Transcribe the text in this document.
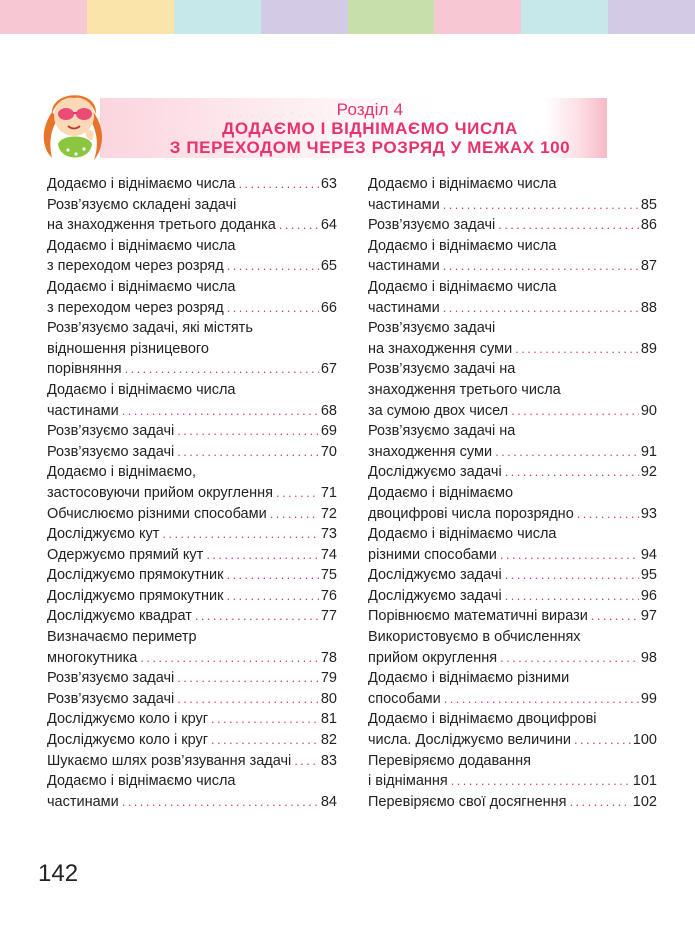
Розділ 4
ДОДАЄМО І ВІДНІМАЄМО ЧИСЛА
З ПЕРЕХОДОМ ЧЕРЕЗ РОЗРЯД У МЕЖАХ 100
Додаємо і віднімаємо числа .....	63
Розв’язуємо складені задачі
на знаходження третього доданка .....	64
Додаємо і віднімаємо числа
з переходом через розряд .....	65
Додаємо і віднімаємо числа
з переходом через розряд .....	66
Розв’язуємо задачі, які містять
відношення різницевого
порівняння .....	67
Додаємо і віднімаємо числа
частинами .....	68
Розв’язуємо задачі .....	69
Розв’язуємо задачі .....	70
Додаємо і віднімаємо,
застосовуючи прийом округлення .....	71
Обчислюємо різними способами .....	72
Досліджуємо кут .....	73
Одержуємо прямий кут .....	74
Досліджуємо прямокутник .....	75
Досліджуємо прямокутник .....	76
Досліджуємо квадрат .....	77
Визначаємо периметр
многокутника .....	78
Розв’язуємо задачі .....	79
Розв’язуємо задачі .....	80
Досліджуємо коло і круг .....	81
Досліджуємо коло і круг .....	82
Шукаємо шлях розв’язування задачі ..... 83
Додаємо і віднімаємо числа
частинами .....	84
Додаємо і віднімаємо числа
частинами .....	85
Розв’язуємо задачі .....	86
Додаємо і віднімаємо числа
частинами .....	87
Додаємо і віднімаємо числа
частинами .....	88
Розв’язуємо задачі
на знаходження суми .....	89
Розв’язуємо задачі на
знаходження третього числа
за сумою двох чисел .....	90
Розв’язуємо задачі на
знаходження суми .....	91
Досліджуємо задачі .....	92
Додаємо і віднімаємо
двоцифрові числа порозрядно .....	93
Додаємо і віднімаємо числа
різними способами .....	94
Досліджуємо задачі .....	95
Досліджуємо задачі .....	96
Порівнюємо математичні вирази .....	97
Використовуємо в обчисленнях
прийом округлення .....	98
Додаємо і віднімаємо різними
способами .....	99
Додаємо і віднімаємо двоцифрові
числа. Досліджуємо величини .....	100
Перевіряємо додавання
і віднімання .....	101
Перевіряємо свої досягнення .....	102
142
